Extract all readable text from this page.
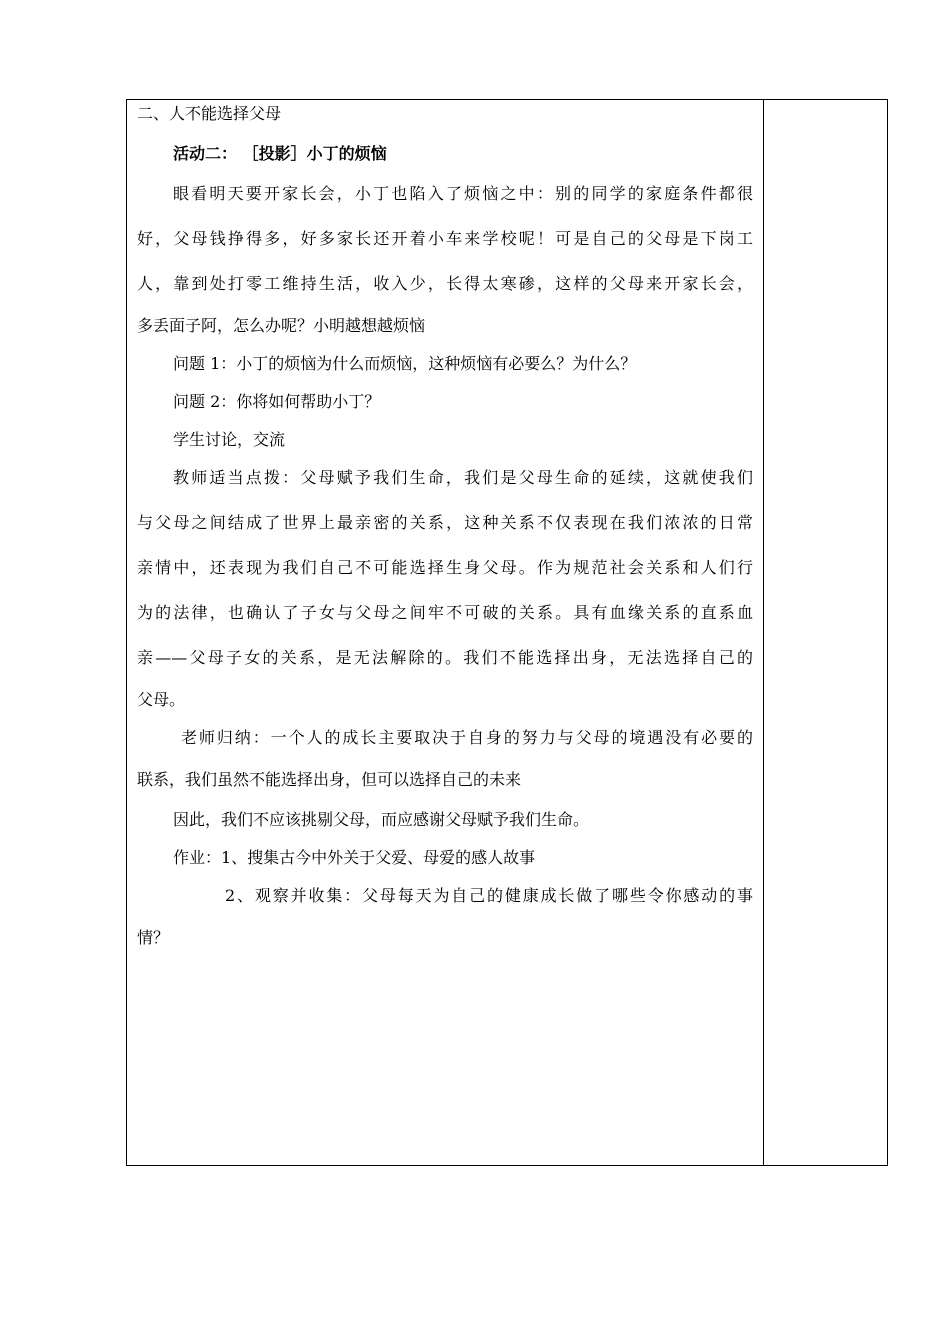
二、人不能选择父母
活动二： ［投影］小丁的烦恼
眼看明天要开家长会，小丁也陷入了烦恼之中：别的同学的家庭条件都很
好，父母钱挣得多，好多家长还开着小车来学校呢！可是自己的父母是下岗工
人，靠到处打零工维持生活，收入少，长得太寒碜，这样的父母来开家长会，
多丢面子阿，怎么办呢？小明越想越烦恼
问题 1：小丁的烦恼为什么而烦恼，这种烦恼有必要么？为什么？
问题 2：你将如何帮助小丁？
学生讨论，交流
教师适当点拨：父母赋予我们生命，我们是父母生命的延续，这就使我们
与父母之间结成了世界上最亲密的关系，这种关系不仅表现在我们浓浓的日常
亲情中，还表现为我们自己不可能选择生身父母。作为规范社会关系和人们行
为的法律，也确认了子女与父母之间牢不可破的关系。具有血缘关系的直系血
亲——父母子女的关系，是无法解除的。我们不能选择出身，无法选择自己的
父母。
老师归纳：一个人的成长主要取决于自身的努力与父母的境遇没有必要的
联系，我们虽然不能选择出身，但可以选择自己的未来
因此，我们不应该挑剔父母，而应感谢父母赋予我们生命。
作业：1、搜集古今中外关于父爱、母爱的感人故事
2、观察并收集：父母每天为自己的健康成长做了哪些令你感动的事
情？
